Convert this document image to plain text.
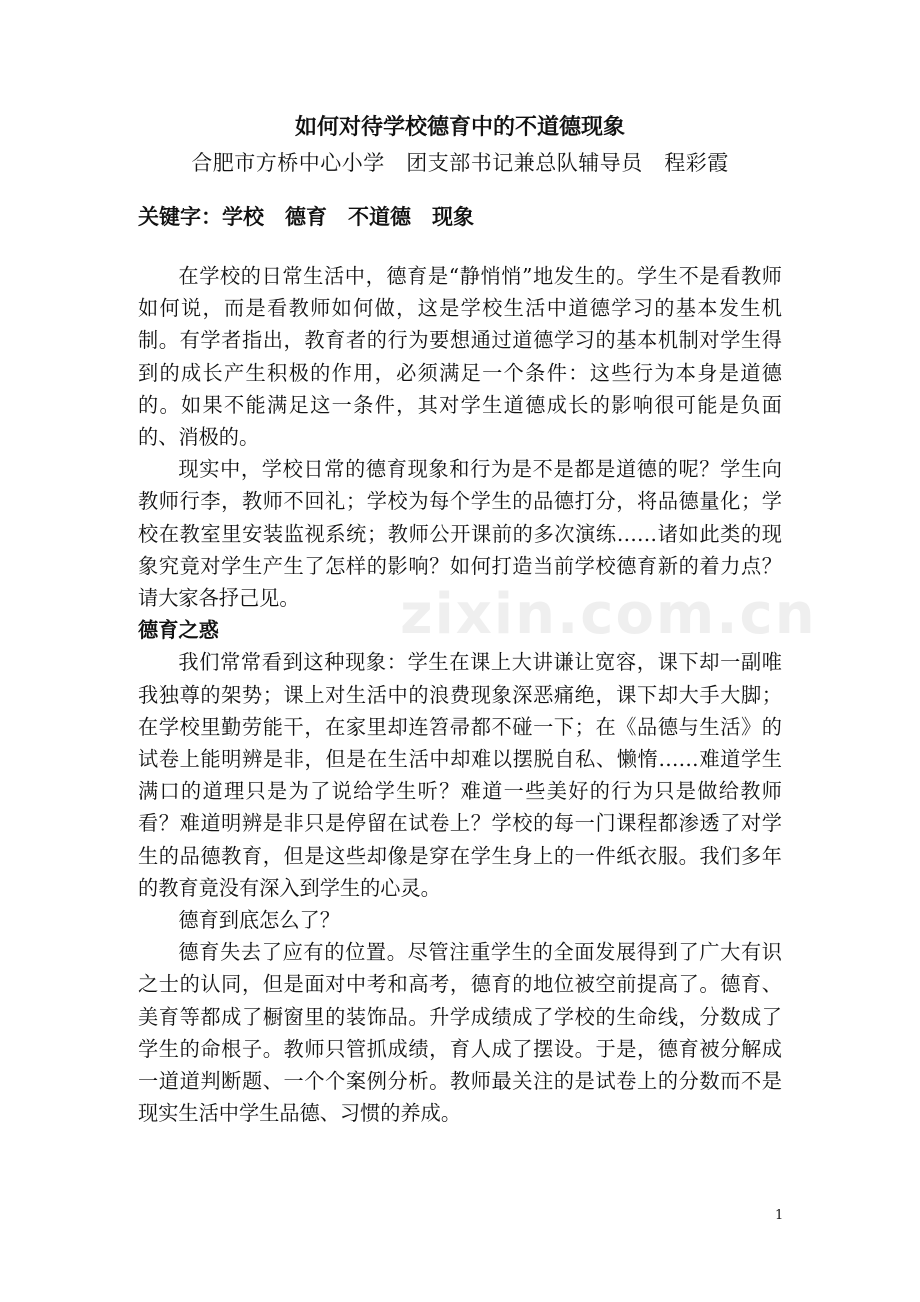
zixin.com.cn
如何对待学校德育中的不道德现象

合肥市方桥中心小学　团支部书记兼总队辅导员　程彩霞

关键字：学校　德育　不道德　现象

在学校的日常生活中，德育是“静悄悄”地发生的。学生不是看教师如何说，而是看教师如何做，这是学校生活中道德学习的基本发生机制。有学者指出，教育者的行为要想通过道德学习的基本机制对学生得到的成长产生积极的作用，必须满足一个条件：这些行为本身是道德的。如果不能满足这一条件，其对学生道德成长的影响很可能是负面的、消极的。

现实中，学校日常的德育现象和行为是不是都是道德的呢？学生向教师行李，教师不回礼；学校为每个学生的品德打分，将品德量化；学校在教室里安装监视系统；教师公开课前的多次演练……诸如此类的现象究竟对学生产生了怎样的影响？如何打造当前学校德育新的着力点？请大家各抒己见。

德育之惑

我们常常看到这种现象：学生在课上大讲谦让宽容，课下却一副唯我独尊的架势；课上对生活中的浪费现象深恶痛绝，课下却大手大脚；在学校里勤劳能干，在家里却连笤帚都不碰一下；在《品德与生活》的试卷上能明辨是非，但是在生活中却难以摆脱自私、懒惰……难道学生满口的道理只是为了说给学生听？难道一些美好的行为只是做给教师看？难道明辨是非只是停留在试卷上？学校的每一门课程都渗透了对学生的品德教育，但是这些却像是穿在学生身上的一件纸衣服。我们多年的教育竟没有深入到学生的心灵。

德育到底怎么了？

德育失去了应有的位置。尽管注重学生的全面发展得到了广大有识之士的认同，但是面对中考和高考，德育的地位被空前提高了。德育、美育等都成了橱窗里的装饰品。升学成绩成了学校的生命线，分数成了学生的命根子。教师只管抓成绩，育人成了摆设。于是，德育被分解成一道道判断题、一个个案例分析。教师最关注的是试卷上的分数而不是现实生活中学生品德、习惯的养成。

1
